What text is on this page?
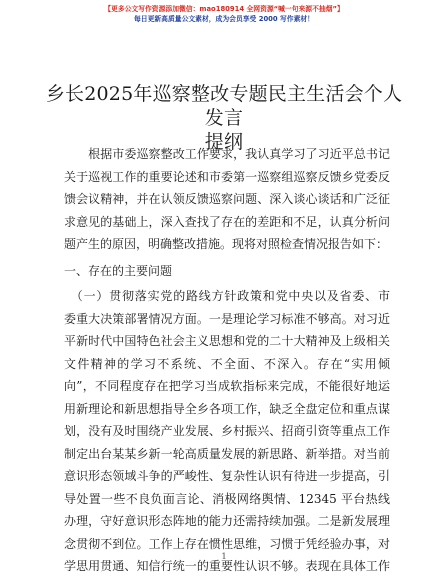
【更多公文写作资源添加微信：mao180914 全网资源“喊一句来源不抽烟”】
每日更新高质量公文素材，成为会员享受 2000 写作素材！
乡长2025年巡察整改专题民主生活会个人发言
提纲

　　根据市委巡察整改工作要求，我认真学习了习近平总书记

关于巡视工作的重要论述和市委第一巡察组巡察反馈乡党委反

馈会议精神，并在认领反馈巡察问题、深入谈心谈话和广泛征

求意见的基础上，深入查找了存在的差距和不足，认真分析问

题产生的原因，明确整改措施。现将对照检查情况报告如下：

一、存在的主要问题

　（一）贯彻落实党的路线方针政策和党中央以及省委、市

委重大决策部署情况方面。一是理论学习标准不够高。对习近

平新时代中国特色社会主义思想和党的二十大精神及上级相关

文件精神的学习不系统、不全面、不深入。存在“实用倾

向”，不同程度存在把学习当成软指标来完成，不能很好地运

用新理论和新思想指导全乡各项工作，缺乏全盘定位和重点谋

划，没有及时围绕产业发展、乡村振兴、招商引资等重点工作

制定出台某某乡新一轮高质量发展的新思路、新举措。对当前

意识形态领域斗争的严峻性、复杂性认识有待进一步提高，引

导处置一些不良负面言论、消极网络舆情、12345 平台热线

办理，守好意识形态阵地的能力还需持续加强。二是新发展理

念贯彻不到位。工作上存在惯性思维，习惯于凭经验办事，对

学思用贯通、知信行统一的重要性认识不够。表现在具体工作

1
